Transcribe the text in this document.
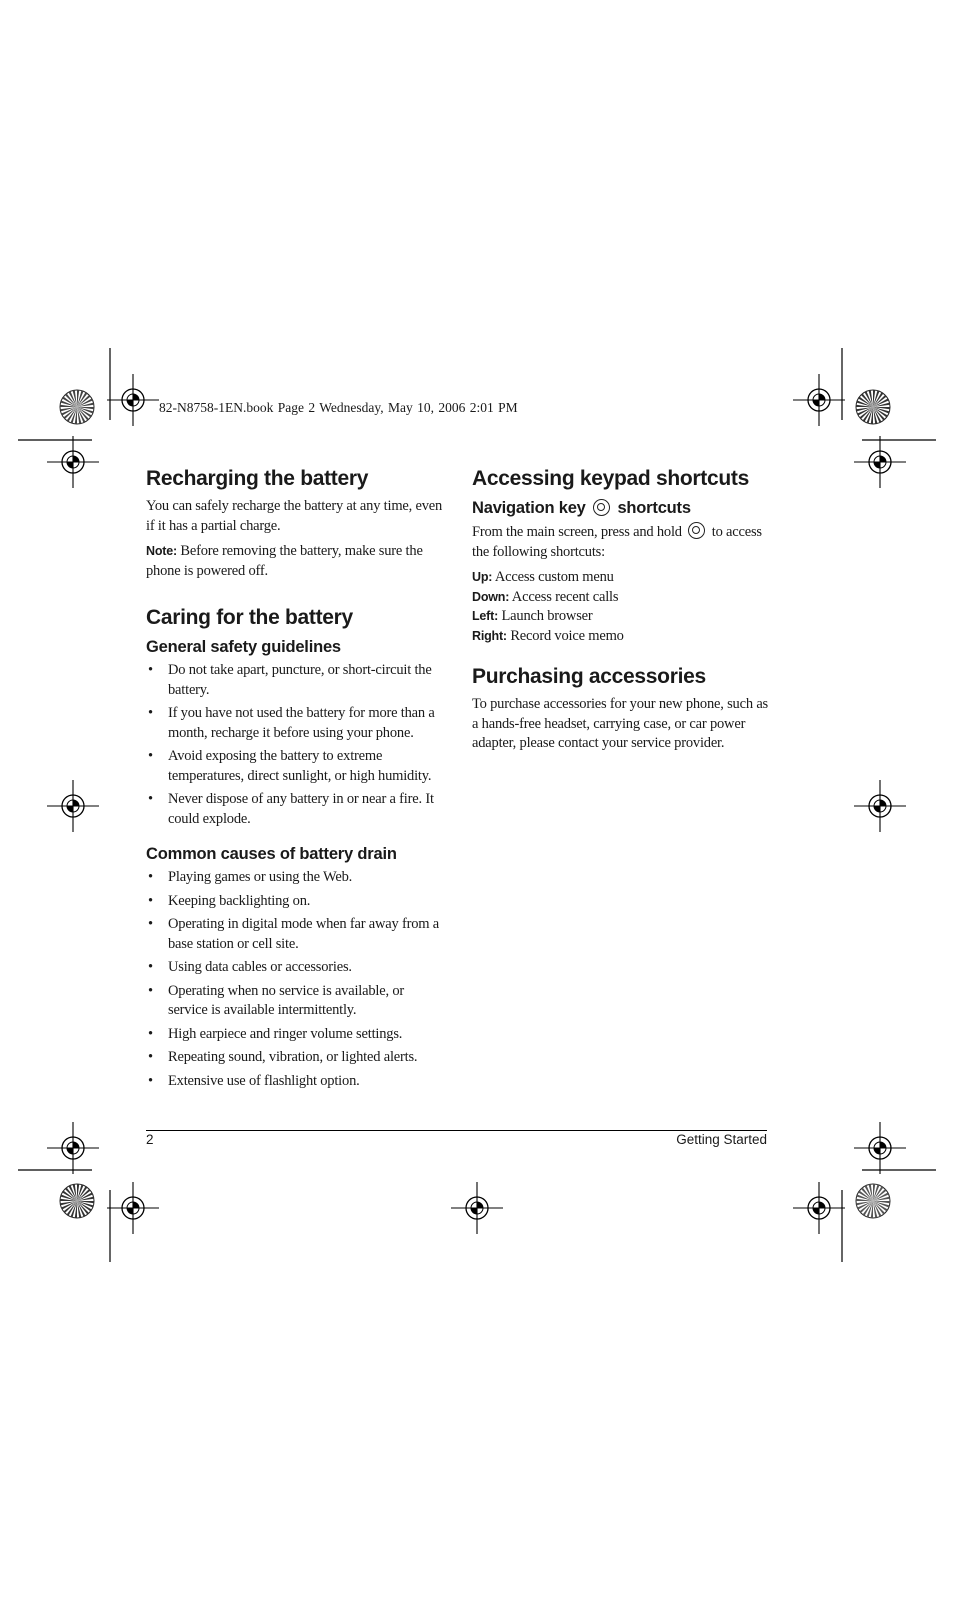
82-N8758-1EN.book Page 2 Wednesday, May 10, 2006 2:01 PM
Recharging the battery

You can safely recharge the battery at any time, even if it has a partial charge.

Note: Before removing the battery, make sure the phone is powered off.

Caring for the battery
General safety guidelines
• Do not take apart, puncture, or short-circuit the battery.
• If you have not used the battery for more than a month, recharge it before using your phone.
• Avoid exposing the battery to extreme temperatures, direct sunlight, or high humidity.
• Never dispose of any battery in or near a fire. It could explode.
Common causes of battery drain
• Playing games or using the Web.
• Keeping backlighting on.
• Operating in digital mode when far away from a base station or cell site.
• Using data cables or accessories.
• Operating when no service is available, or service is available intermittently.
• High earpiece and ringer volume settings.
• Repeating sound, vibration, or lighted alerts.
• Extensive use of flashlight option.
Accessing keypad shortcuts
Navigation key shortcuts

From the main screen, press and hold to access the following shortcuts:

Up: Access custom menu

Down: Access recent calls

Left: Launch browser

Right: Record voice memo

Purchasing accessories

To purchase accessories for your new phone, such as a hands-free headset, carrying case, or car power adapter, please contact your service provider.

2	Getting Started
